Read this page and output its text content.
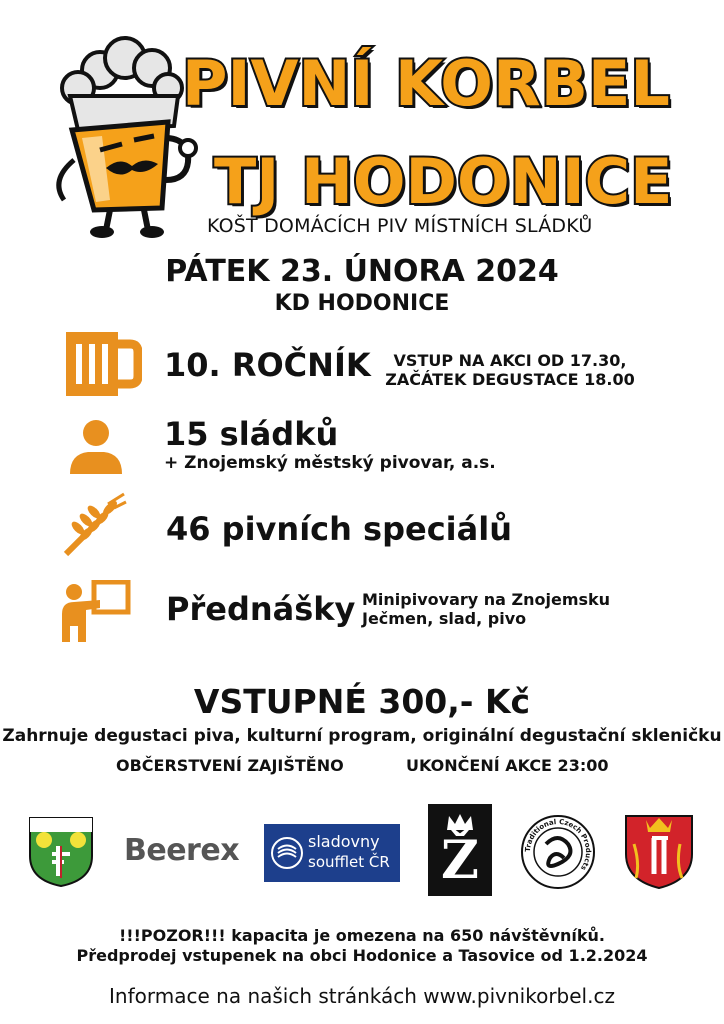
PIVNÍ KORBEL
TJ HODONICE
KOŠT DOMÁCÍCH PIV MÍSTNÍCH SLÁDKŮ
PÁTEK 23. ÚNORA 2024
KD HODONICE
10. ROČNÍK	VSTUP NA AKCI OD 17.30,
ZAČÁTEK DEGUSTACE 18.00
15 sládků
+ Znojemský městský pivovar, a.s.
46 pivních speciálů
Přednášky Minipivovary na Znojemsku
Ječmen, slad, pivo
VSTUPNÉ 300,- Kč
Zahrnuje degustaci piva, kulturní program, originální degustační skleničku
OBČERSTVENÍ ZAJIŠTĚNO	UKONČENÍ AKCE 23:00
Beerex	sladovny
soufflet ČR Ž	Traditional Czech Products
!!!POZOR!!! kapacita je omezena na 650 návštěvníků.
Předprodej vstupenek na obci Hodonice a Tasovice od 1.2.2024
Informace na našich stránkách www.pivnikorbel.cz
